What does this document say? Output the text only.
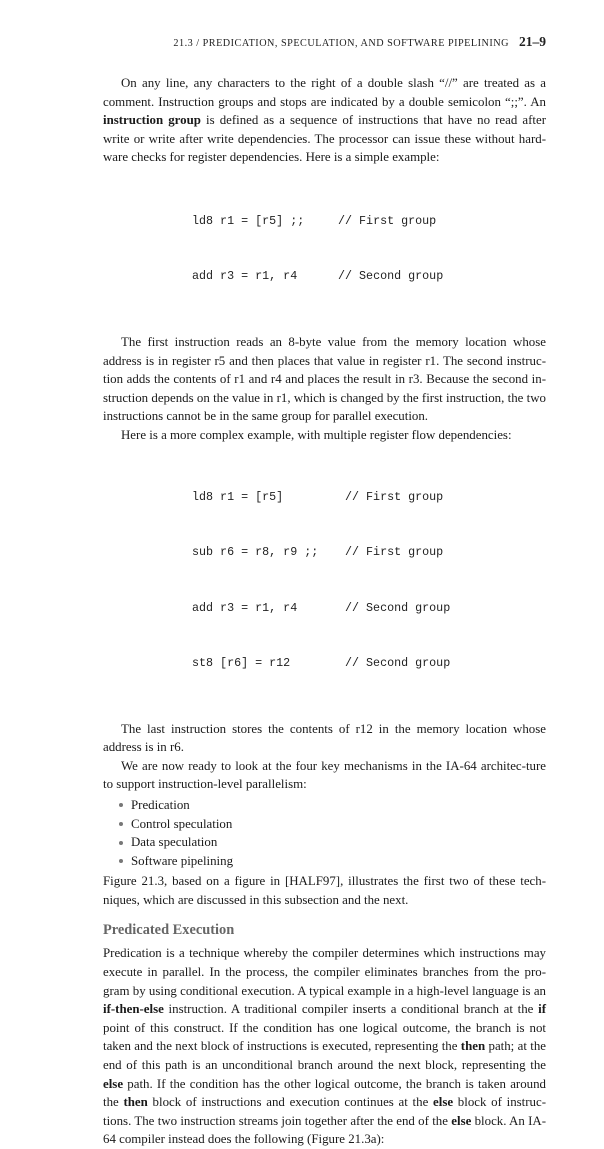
21.3 / PREDICATION, SPECULATION, AND SOFTWARE PIPELINING 21–9

On any line, any characters to the right of a double slash “//” are treated as a comment. Instruction groups and stops are indicated by a double semicolon “;;”. An instruction group is defined as a sequence of instructions that have no read after write or write after write dependencies. The processor can issue these without hard-ware checks for register dependencies. Here is a simple example:

ld8 r1 = [r5] ;;	// First group

add r3 = r1, r4	// Second group

The first instruction reads an 8-byte value from the memory location whose address is in register r5 and then places that value in register r1. The second instruc-tion adds the contents of r1 and r4 and places the result in r3. Because the second in-struction depends on the value in r1, which is changed by the first instruction, the two instructions cannot be in the same group for parallel execution.

Here is a more complex example, with multiple register flow dependencies:

ld8 r1 = [r5]	// First group

sub r6 = r8, r9 ;;	// First group

add r3 = r1, r4	// Second group

st8 [r6] = r12	// Second group

The last instruction stores the contents of r12 in the memory location whose address is in r6.

We are now ready to look at the four key mechanisms in the IA-64 architec-ture to support instruction-level parallelism:

Predication
Control speculation
Data speculation
Software pipelining

Figure 21.3, based on a figure in [HALF97], illustrates the first two of these tech-niques, which are discussed in this subsection and the next.

Predicated Execution

Predication is a technique whereby the compiler determines which instructions may execute in parallel. In the process, the compiler eliminates branches from the pro-gram by using conditional execution. A typical example in a high-level language is an if-then-else instruction. A traditional compiler inserts a conditional branch at the if point of this construct. If the condition has one logical outcome, the branch is not taken and the next block of instructions is executed, representing the then path; at the end of this path is an unconditional branch around the next block, representing the else path. If the condition has the other logical outcome, the branch is taken around the then block of instructions and execution continues at the else block of instruc-tions. The two instruction streams join together after the end of the else block. An IA-64 compiler instead does the following (Figure 21.3a):
